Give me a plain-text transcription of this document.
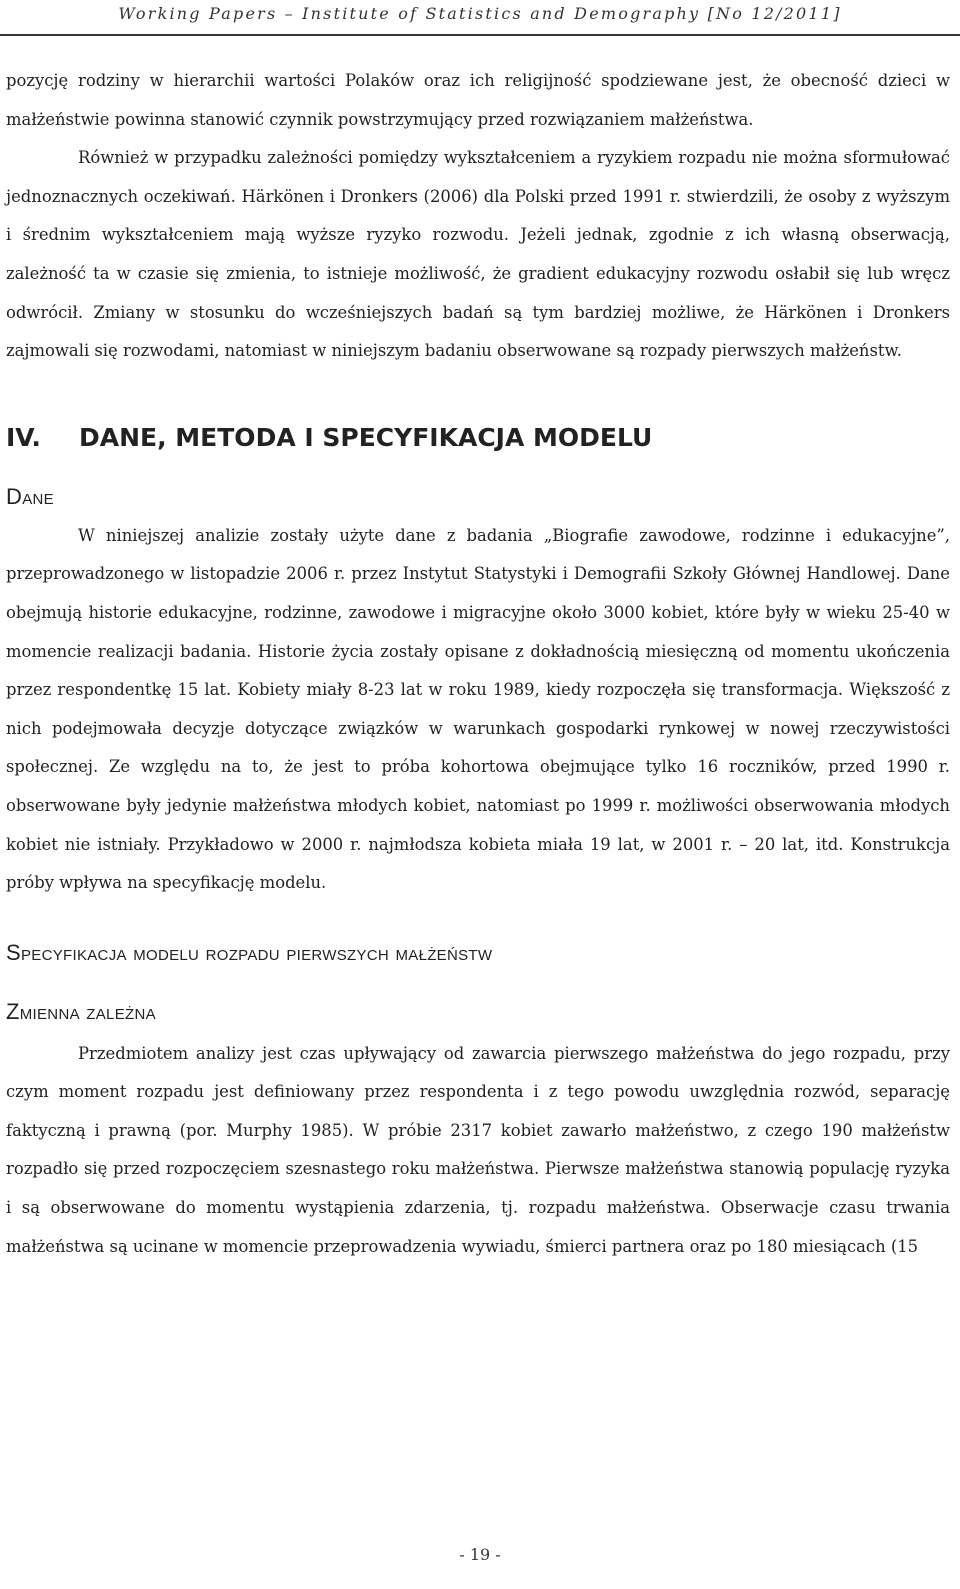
Working Papers – Institute of Statistics and Demography [No 12/2011]

pozycję rodziny w hierarchii wartości Polaków oraz ich religijność spodziewane jest, że obecność dzieci w małżeństwie powinna stanowić czynnik powstrzymujący przed rozwiązaniem małżeństwa.

Również w przypadku zależności pomiędzy wykształceniem a ryzykiem rozpadu nie można sformułować jednoznacznych oczekiwań. Härkönen i Dronkers (2006) dla Polski przed 1991 r. stwierdzili, że osoby z wyższym i średnim wykształceniem mają wyższe ryzyko rozwodu. Jeżeli jednak, zgodnie z ich własną obserwacją, zależność ta w czasie się zmienia, to istnieje możliwość, że gradient edukacyjny rozwodu osłabił się lub wręcz odwrócił. Zmiany w stosunku do wcześniejszych badań są tym bardziej możliwe, że Härkönen i Dronkers zajmowali się rozwodami, natomiast w niniejszym badaniu obserwowane są rozpady pierwszych małżeństw.

IV. DANE, METODA I SPECYFIKACJA MODELU

Dane

W niniejszej analizie zostały użyte dane z badania „Biografie zawodowe, rodzinne i edukacyjne”, przeprowadzonego w listopadzie 2006 r. przez Instytut Statystyki i Demografii Szkoły Głównej Handlowej. Dane obejmują historie edukacyjne, rodzinne, zawodowe i migracyjne około 3000 kobiet, które były w wieku 25-40 w momencie realizacji badania. Historie życia zostały opisane z dokładnością miesięczną od momentu ukończenia przez respondentkę 15 lat. Kobiety miały 8-23 lat w roku 1989, kiedy rozpoczęła się transformacja. Większość z nich podejmowała decyzje dotyczące związków w warunkach gospodarki rynkowej w nowej rzeczywistości społecznej. Ze względu na to, że jest to próba kohortowa obejmujące tylko 16 roczników, przed 1990 r. obserwowane były jedynie małżeństwa młodych kobiet, natomiast po 1999 r. możliwości obserwowania młodych kobiet nie istniały. Przykładowo w 2000 r. najmłodsza kobieta miała 19 lat, w 2001 r. – 20 lat, itd. Konstrukcja próby wpływa na specyfikację modelu.

Specyfikacja modelu rozpadu pierwszych małżeństw

Zmienna zależna

Przedmiotem analizy jest czas upływający od zawarcia pierwszego małżeństwa do jego rozpadu, przy czym moment rozpadu jest definiowany przez respondenta i z tego powodu uwzględnia rozwód, separację faktyczną i prawną (por. Murphy 1985). W próbie 2317 kobiet zawarło małżeństwo, z czego 190 małżeństw rozpadło się przed rozpoczęciem szesnastego roku małżeństwa. Pierwsze małżeństwa stanowią populację ryzyka i są obserwowane do momentu wystąpienia zdarzenia, tj. rozpadu małżeństwa. Obserwacje czasu trwania małżeństwa są ucinane w momencie przeprowadzenia wywiadu, śmierci partnera oraz po 180 miesiącach (15

- 19 -
